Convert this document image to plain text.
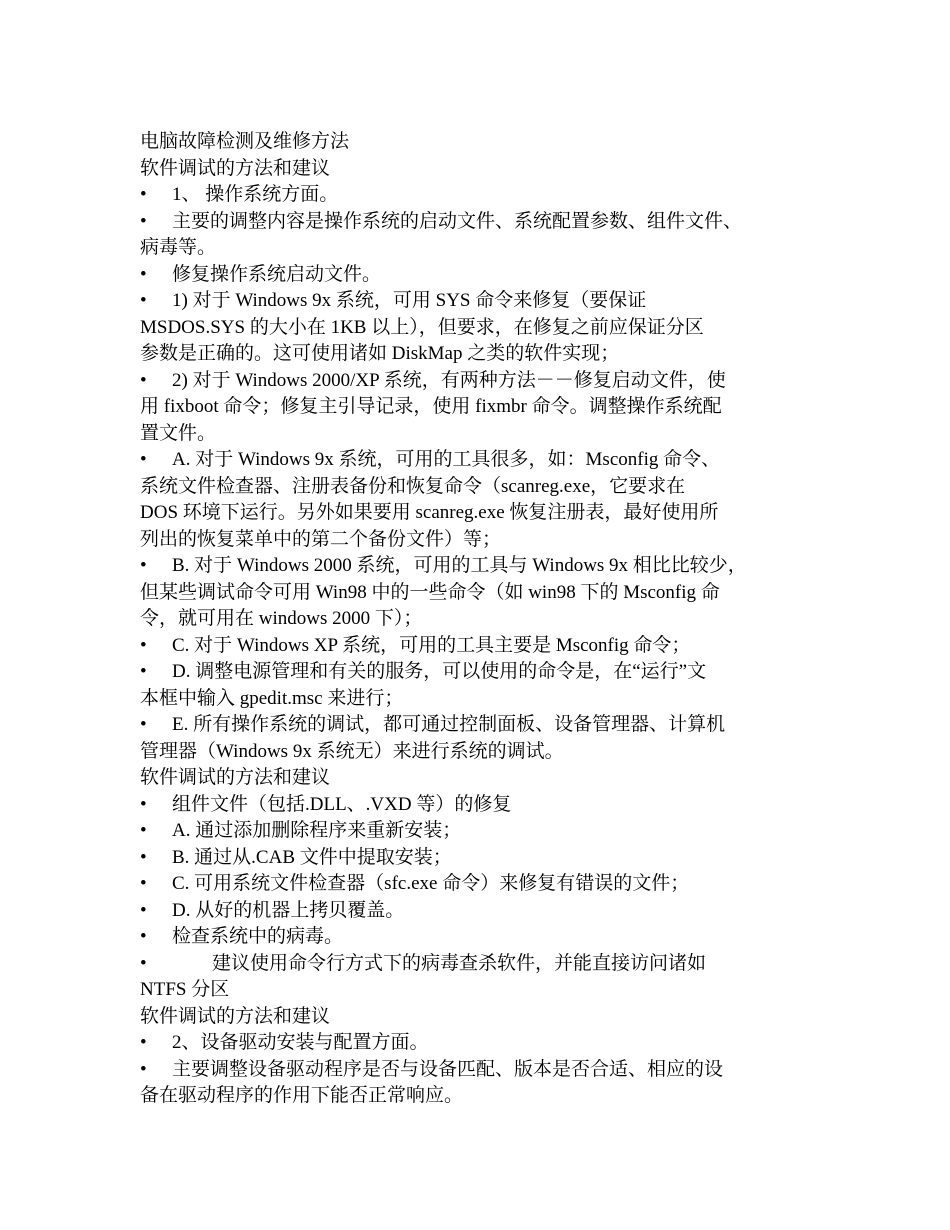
电脑故障检测及维修方法
软件调试的方法和建议
• 1、 操作系统方面。
• 主要的调整内容是操作系统的启动文件、系统配置参数、组件文件、
病毒等。
• 修复操作系统启动文件。
• 1) 对于 Windows 9x 系统，可用 SYS 命令来修复（要保证
MSDOS.SYS 的大小在 1KB 以上），但要求，在修复之前应保证分区
参数是正确的。这可使用诸如 DiskMap 之类的软件实现；
• 2) 对于 Windows 2000/XP 系统，有两种方法－－修复启动文件，使
用 fixboot 命令；修复主引导记录，使用 fixmbr 命令。调整操作系统配
置文件。
• A. 对于 Windows 9x 系统，可用的工具很多，如：Msconfig 命令、
系统文件检查器、注册表备份和恢复命令（scanreg.exe，它要求在
DOS 环境下运行。另外如果要用 scanreg.exe 恢复注册表，最好使用所
列出的恢复菜单中的第二个备份文件）等；
• B. 对于 Windows 2000 系统，可用的工具与 Windows 9x 相比比较少，
但某些调试命令可用 Win98 中的一些命令（如 win98 下的 Msconfig 命
令，就可用在 windows 2000 下）；
• C. 对于 Windows XP 系统，可用的工具主要是 Msconfig 命令；
• D. 调整电源管理和有关的服务，可以使用的命令是，在“运行”文
本框中输入 gpedit.msc 来进行；
• E. 所有操作系统的调试，都可通过控制面板、设备管理器、计算机
管理器（Windows 9x 系统无）来进行系统的调试。
软件调试的方法和建议
• 组件文件（包括.DLL、.VXD 等）的修复
• A. 通过添加删除程序来重新安装；
• B. 通过从.CAB 文件中提取安装；
• C. 可用系统文件检查器（sfc.exe 命令）来修复有错误的文件；
• D. 从好的机器上拷贝覆盖。
• 检查系统中的病毒。
•	建议使用命令行方式下的病毒查杀软件，并能直接访问诸如
NTFS 分区
软件调试的方法和建议
• 2、设备驱动安装与配置方面。
• 主要调整设备驱动程序是否与设备匹配、版本是否合适、相应的设
备在驱动程序的作用下能否正常响应。
